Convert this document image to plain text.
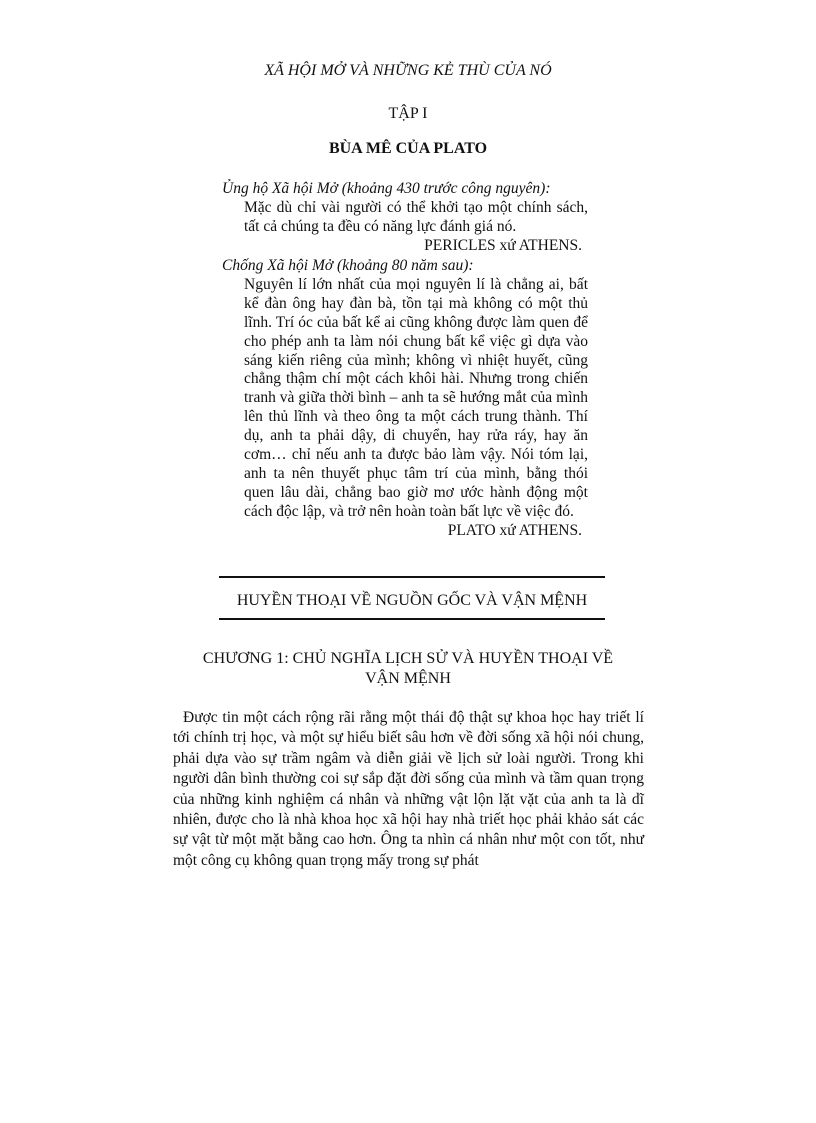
XÃ HỘI MỞ VÀ NHỮNG KẺ THÙ CỦA NÓ
TẬP I
BÙA MÊ CỦA PLATO

Ủng hộ Xã hội Mở (khoảng 430 trước công nguyên):

Mặc dù chỉ vài người có thể khởi tạo một chính sách, tất cả chúng ta đều có năng lực đánh giá nó.

PERICLES xứ ATHENS.

Chống Xã hội Mở (khoảng 80 năm sau):

Nguyên lí lớn nhất của mọi nguyên lí là chẳng ai, bất kể đàn ông hay đàn bà, tồn tại mà không có một thủ lĩnh. Trí óc của bất kể ai cũng không được làm quen để cho phép anh ta làm nói chung bất kể việc gì dựa vào sáng kiến riêng của mình; không vì nhiệt huyết, cũng chẳng thậm chí một cách khôi hài. Nhưng trong chiến tranh và giữa thời bình – anh ta sẽ hướng mắt của mình lên thủ lĩnh và theo ông ta một cách trung thành. Thí dụ, anh ta phải dậy, di chuyển, hay rửa ráy, hay ăn cơm… chỉ nếu anh ta được bảo làm vậy. Nói tóm lại, anh ta nên thuyết phục tâm trí của mình, bằng thói quen lâu dài, chẳng bao giờ mơ ước hành động một cách độc lập, và trở nên hoàn toàn bất lực về việc đó.

PLATO xứ ATHENS.

HUYỀN THOẠI VỀ NGUỒN GỐC VÀ VẬN MỆNH
CHƯƠNG 1: CHỦ NGHĨA LỊCH SỬ VÀ HUYỀN THOẠI VỀ VẬN MỆNH

Được tin một cách rộng rãi rằng một thái độ thật sự khoa học hay triết lí tới chính trị học, và một sự hiểu biết sâu hơn về đời sống xã hội nói chung, phải dựa vào sự trầm ngâm và diễn giải về lịch sử loài người. Trong khi người dân bình thường coi sự sắp đặt đời sống của mình và tầm quan trọng của những kinh nghiệm cá nhân và những vật lộn lặt vặt của anh ta là dĩ nhiên, được cho là nhà khoa học xã hội hay nhà triết học phải khảo sát các sự vật từ một mặt bằng cao hơn. Ông ta nhìn cá nhân như một con tốt, như một công cụ không quan trọng mấy trong sự phát
